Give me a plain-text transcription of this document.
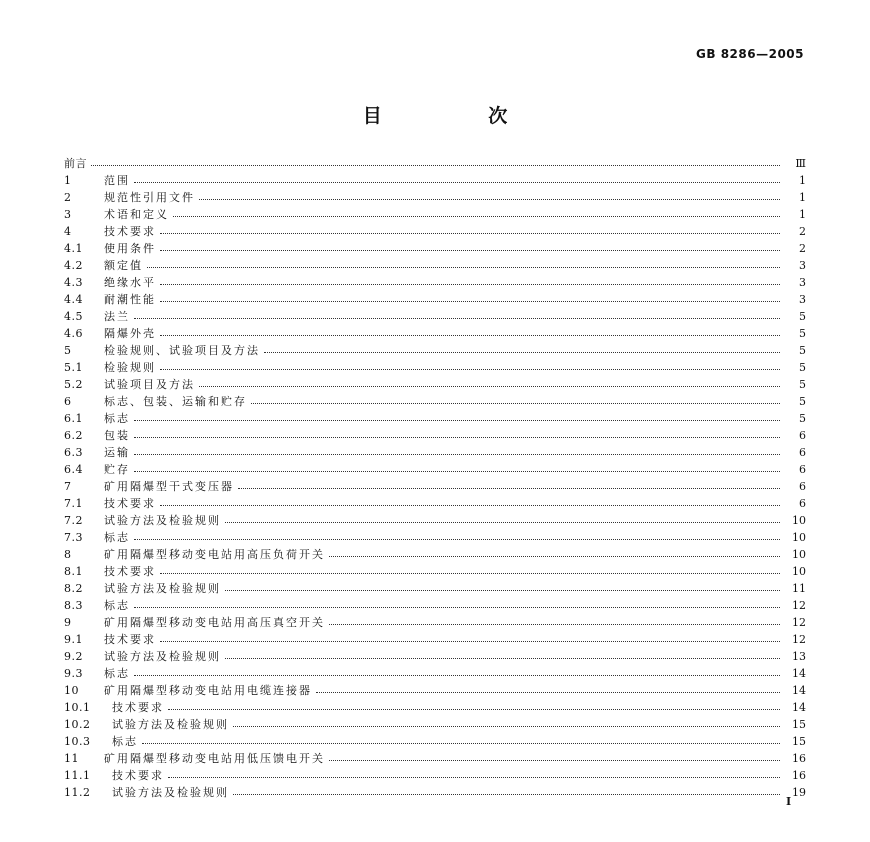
GB 8286—2005
目 次
前言	Ⅲ
1	范围	1
2	规范性引用文件	1
3	术语和定义	1
4	技术要求	2
4.1	使用条件	2
4.2	额定值	3
4.3	绝缘水平	3
4.4	耐潮性能	3
4.5	法兰	5
4.6	隔爆外壳	5
5	检验规则、试验项目及方法	5
5.1	检验规则	5
5.2	试验项目及方法	5
6	标志、包装、运输和贮存	5
6.1	标志	5
6.2	包装	6
6.3	运输	6
6.4	贮存	6
7	矿用隔爆型干式变压器	6
7.1	技术要求	6
7.2	试验方法及检验规则	10
7.3	标志	10
8	矿用隔爆型移动变电站用高压负荷开关	10
8.1	技术要求	10
8.2	试验方法及检验规则	11
8.3	标志	12
9	矿用隔爆型移动变电站用高压真空开关	12
9.1	技术要求	12
9.2	试验方法及检验规则	13
9.3	标志	14
10	矿用隔爆型移动变电站用电缆连接器	14
10.1	技术要求	14
10.2	试验方法及检验规则	15
10.3	标志	15
11	矿用隔爆型移动变电站用低压馈电开关	16
11.1	技术要求	16
11.2	试验方法及检验规则	19
I
